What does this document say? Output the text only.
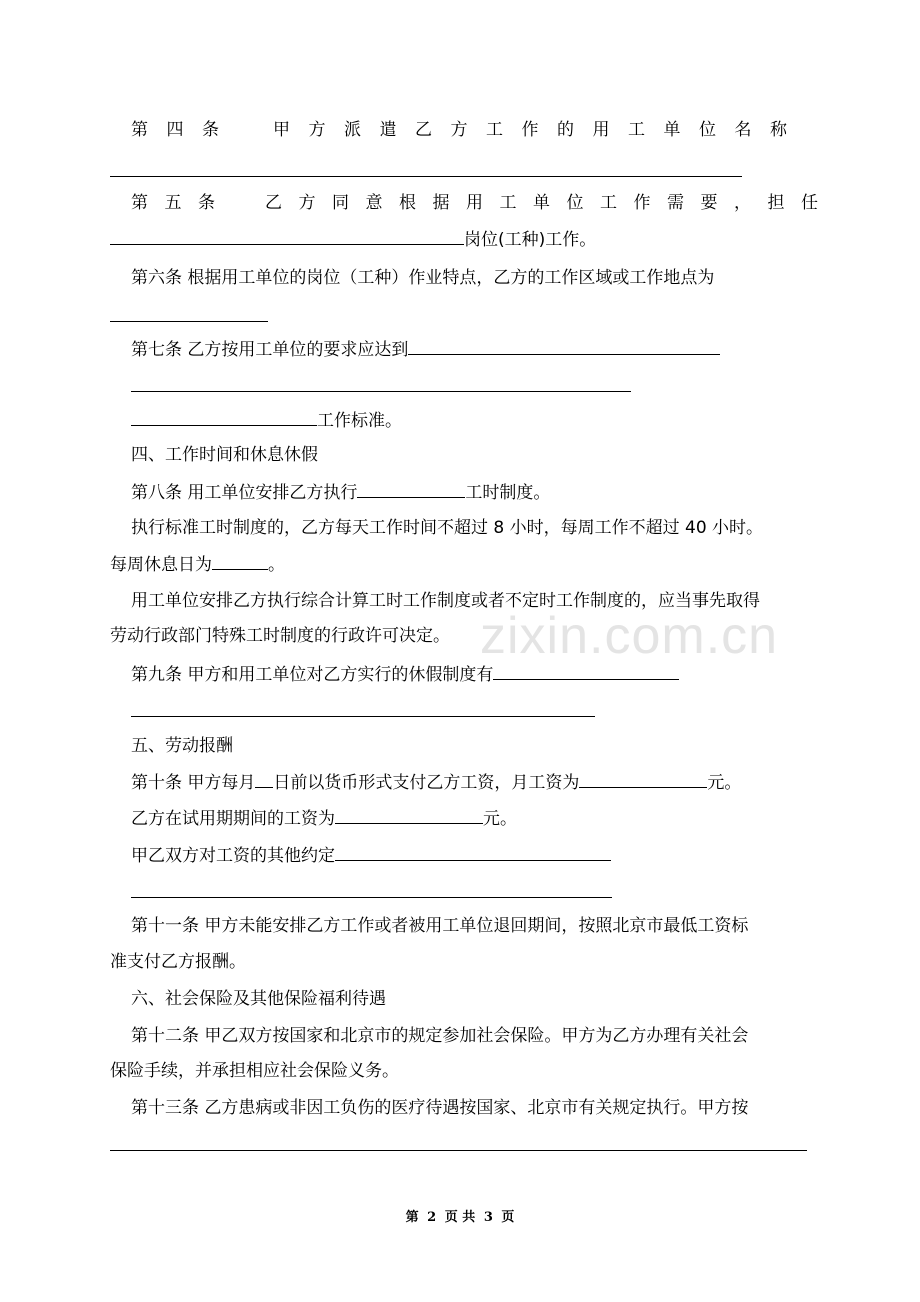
zixin.com.cn
第四条　甲方派遣乙方工作的用工单位名称
第五条　乙方同意根据用工单位工作需要，担任
岗位(工种)工作。
第六条 根据用工单位的岗位（工种）作业特点，乙方的工作区域或工作地点为
第七条 乙方按用工单位的要求应达到
工作标准。
四、工作时间和休息休假
第八条 用工单位安排乙方执行	工时制度。
执行标准工时制度的，乙方每天工作时间不超过 8 小时，每周工作不超过 40 小时。
每周休息日为	。
用工单位安排乙方执行综合计算工时工作制度或者不定时工作制度的，应当事先取得
劳动行政部门特殊工时制度的行政许可决定。
第九条 甲方和用工单位对乙方实行的休假制度有
五、劳动报酬
第十条 甲方每月 日前以货币形式支付乙方工资，月工资为	元。
乙方在试用期期间的工资为	元。
甲乙双方对工资的其他约定
第十一条 甲方未能安排乙方工作或者被用工单位退回期间，按照北京市最低工资标
准支付乙方报酬。
六、社会保险及其他保险福利待遇
第十二条 甲乙双方按国家和北京市的规定参加社会保险。甲方为乙方办理有关社会
保险手续，并承担相应社会保险义务。
第十三条 乙方患病或非因工负伤的医疗待遇按国家、北京市有关规定执行。甲方按
第 2 页 共 3 页
